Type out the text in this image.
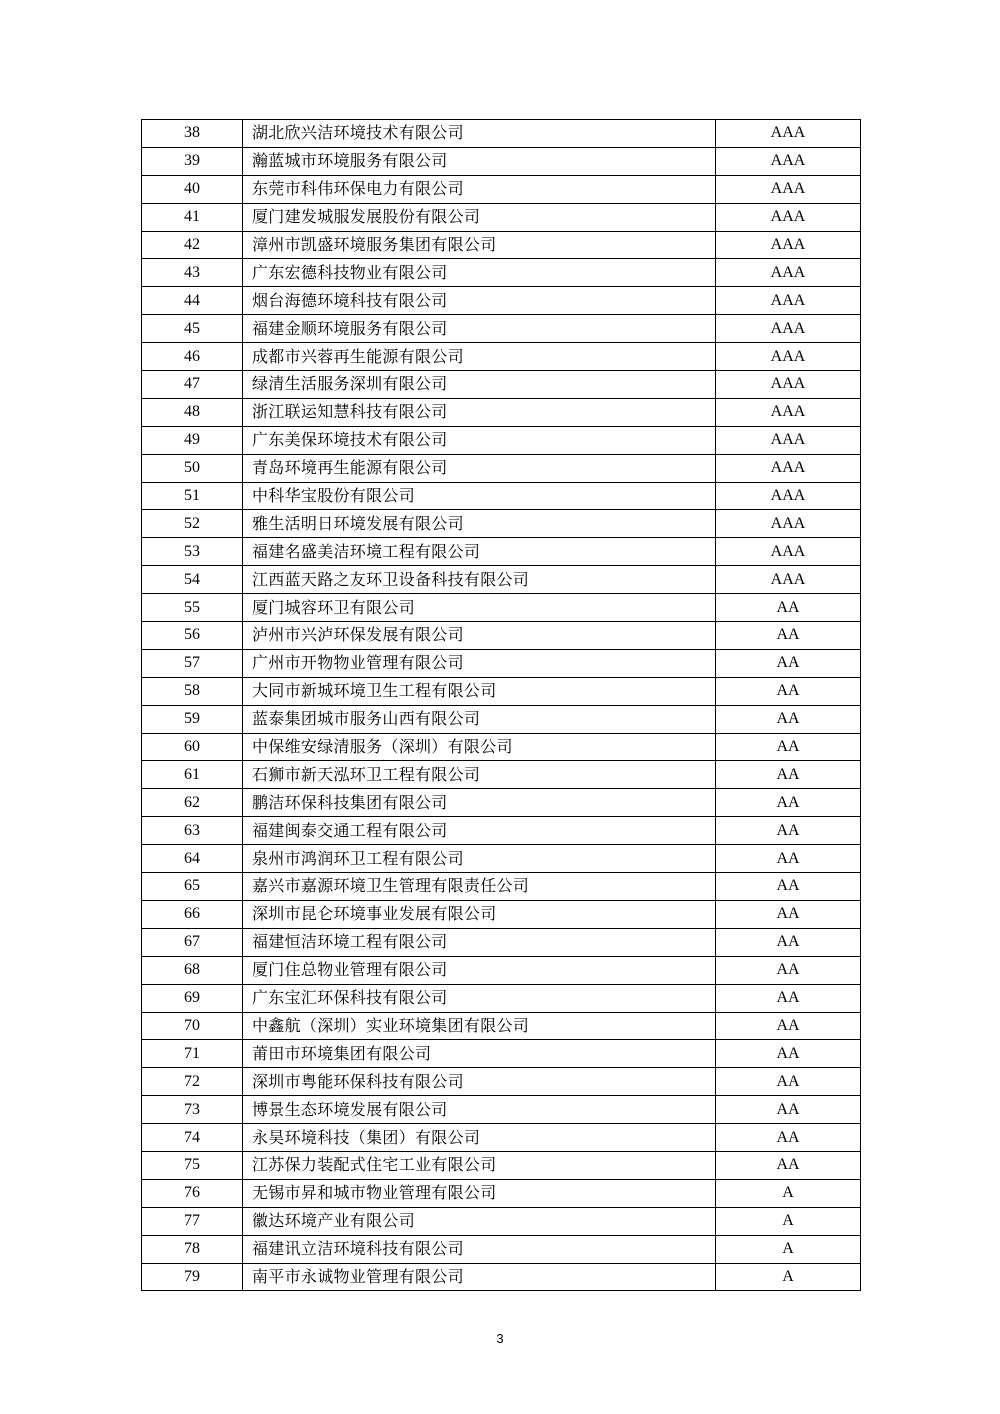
38	湖北欣兴洁环境技术有限公司	AAA
39	瀚蓝城市环境服务有限公司	AAA
40	东莞市科伟环保电力有限公司	AAA
41	厦门建发城服发展股份有限公司	AAA
42	漳州市凯盛环境服务集团有限公司	AAA
43	广东宏德科技物业有限公司	AAA
44	烟台海德环境科技有限公司	AAA
45	福建金顺环境服务有限公司	AAA
46	成都市兴蓉再生能源有限公司	AAA
47	绿清生活服务深圳有限公司	AAA
48	浙江联运知慧科技有限公司	AAA
49	广东美保环境技术有限公司	AAA
50	青岛环境再生能源有限公司	AAA
51	中科华宝股份有限公司	AAA
52	雅生活明日环境发展有限公司	AAA
53	福建名盛美洁环境工程有限公司	AAA
54	江西蓝天路之友环卫设备科技有限公司	AAA
55	厦门城容环卫有限公司	AA
56	泸州市兴泸环保发展有限公司	AA
57	广州市开物物业管理有限公司	AA
58	大同市新城环境卫生工程有限公司	AA
59	蓝泰集团城市服务山西有限公司	AA
60	中保维安绿清服务（深圳）有限公司	AA
61	石狮市新天泓环卫工程有限公司	AA
62	鹏洁环保科技集团有限公司	AA
63	福建闽泰交通工程有限公司	AA
64	泉州市鸿润环卫工程有限公司	AA
65	嘉兴市嘉源环境卫生管理有限责任公司	AA
66	深圳市昆仑环境事业发展有限公司	AA
67	福建恒洁环境工程有限公司	AA
68	厦门住总物业管理有限公司	AA
69	广东宝汇环保科技有限公司	AA
70	中鑫航（深圳）实业环境集团有限公司	AA
71	莆田市环境集团有限公司	AA
72	深圳市粤能环保科技有限公司	AA
73	博景生态环境发展有限公司	AA
74	永昊环境科技（集团）有限公司	AA
75	江苏保力装配式住宅工业有限公司	AA
76	无锡市昇和城市物业管理有限公司	A
77	徽达环境产业有限公司	A
78	福建讯立洁环境科技有限公司	A
79	南平市永诚物业管理有限公司	A
3
